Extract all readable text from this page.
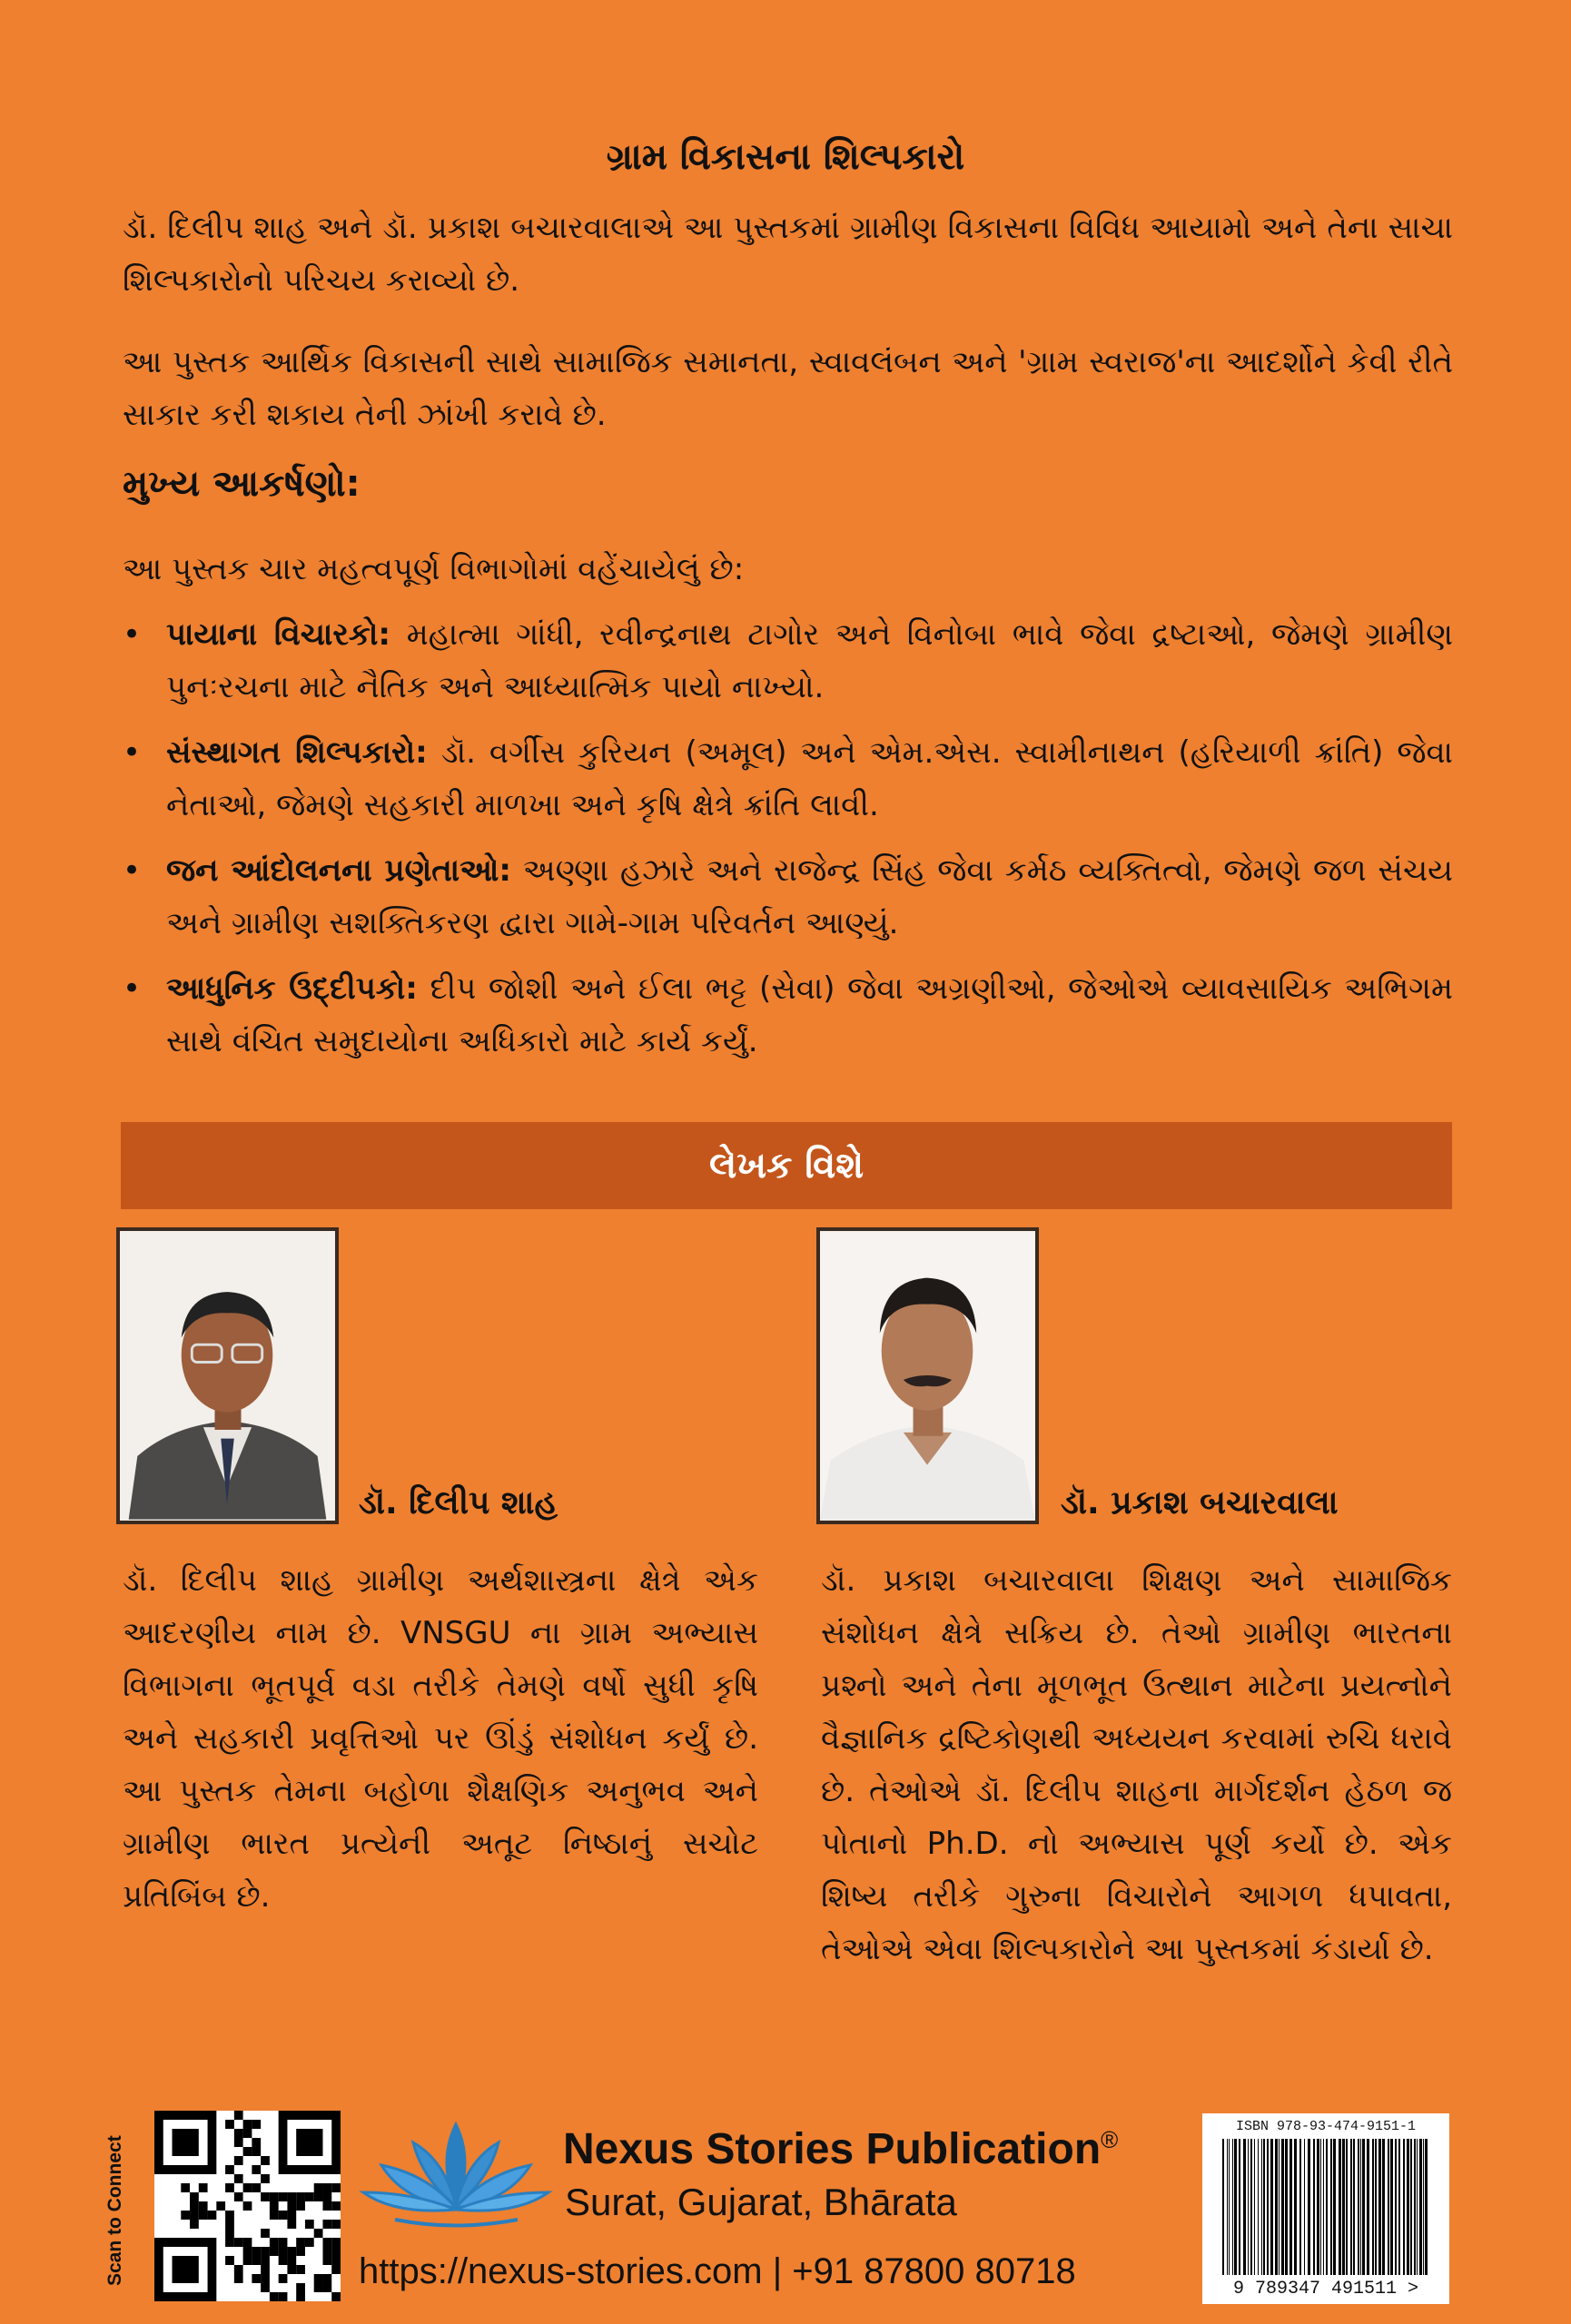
ગ્રામ વિકાસના શિલ્પકારો
ડૉ. દિલીપ શાહ અને ડૉ. પ્રકાશ બચારવાલાએ આ પુસ્તકમાં ગ્રામીણ વિકાસના વિવિધ આયામો અને તેના સાચા શિલ્પકારોનો પરિચય કરાવ્યો છે.
આ પુસ્તક આર્થિક વિકાસની સાથે સામાજિક સમાનતા, સ્વાવલંબન અને 'ગ્રામ સ્વરાજ'ના આદર્શોને કેવી રીતે સાકાર કરી શકાય તેની ઝાંખી કરાવે છે.
મુખ્ય આકર્ષણો:
આ પુસ્તક ચાર મહત્વપૂર્ણ વિભાગોમાં વહેંચાયેલું છે:
• પાયાના વિચારકો: મહાત્મા ગાંધી, રવીન્દ્રનાથ ટાગોર અને વિનોબા ભાવે જેવા દ્રષ્ટાઓ, જેમણે ગ્રામીણ પુનઃરચના માટે નૈતિક અને આધ્યાત્મિક પાયો નાખ્યો.
• સંસ્થાગત શિલ્પકારો: ડૉ. વર્ગીસ કુરિયન (અમૂલ) અને એમ.એસ. સ્વામીનાથન (હરિયાળી ક્રાંતિ) જેવા નેતાઓ, જેમણે સહકારી માળખા અને કૃષિ ક્ષેત્રે ક્રાંતિ લાવી.
• જન આંદોલનના પ્રણેતાઓ: અણ્ણા હઝારે અને રાજેન્દ્ર સિંહ જેવા કર્મઠ વ્યક્તિત્વો, જેમણે જળ સંચય અને ગ્રામીણ સશક્તિકરણ દ્વારા ગામે-ગામ પરિવર્તન આણ્યું.
• આધુનિક ઉદ્દીપકો: દીપ જોશી અને ઈલા ભટ્ટ (સેવા) જેવા અગ્રણીઓ, જેઓએ વ્યાવસાયિક અભિગમ સાથે વંચિત સમુદાયોના અધિકારો માટે કાર્ય કર્યું.
લેખક વિશે
ડૉ. દિલીપ શાહ	ડૉ. પ્રકાશ બચારવાલા
ડૉ. દિલીપ શાહ ગ્રામીણ અર્થશાસ્ત્રના ક્ષેત્રે એક આદરણીય નામ છે. VNSGU ના ગ્રામ અભ્યાસ વિભાગના ભૂતપૂર્વ વડા તરીકે તેમણે વર્ષો સુધી કૃષિ અને સહકારી પ્રવૃત્તિઓ પર ઊંડું સંશોધન કર્યું છે. આ પુસ્તક તેમના બહોળા શૈક્ષણિક અનુભવ અને ગ્રામીણ ભારત પ્રત્યેની અતૂટ નિષ્ઠાનું સચોટ પ્રતિબિંબ છે.
ડૉ. પ્રકાશ બચારવાલા શિક્ષણ અને સામાજિક સંશોધન ક્ષેત્રે સક્રિય છે. તેઓ ગ્રામીણ ભારતના પ્રશ્નો અને તેના મૂળભૂત ઉત્થાન માટેના પ્રયત્નોને વૈજ્ઞાનિક દ્રષ્ટિકોણથી અધ્યયન કરવામાં રુચિ ધરાવે છે. તેઓએ ડૉ. દિલીપ શાહના માર્ગદર્શન હેઠળ જ પોતાનો Ph.D. નો અભ્યાસ પૂર્ણ કર્યો છે. એક શિષ્ય તરીકે ગુરુના વિચારોને આગળ ધપાવતા, તેઓએ એવા શિલ્પકારોને આ પુસ્તકમાં કંડાર્યા છે.
Scan to Connect	Nexus Stories Publication®
Surat, Gujarat, Bhārata
https://nexus-stories.com | +91 87800 80718
ISBN 978-93-474-9151-1
9 789347 491511 >
